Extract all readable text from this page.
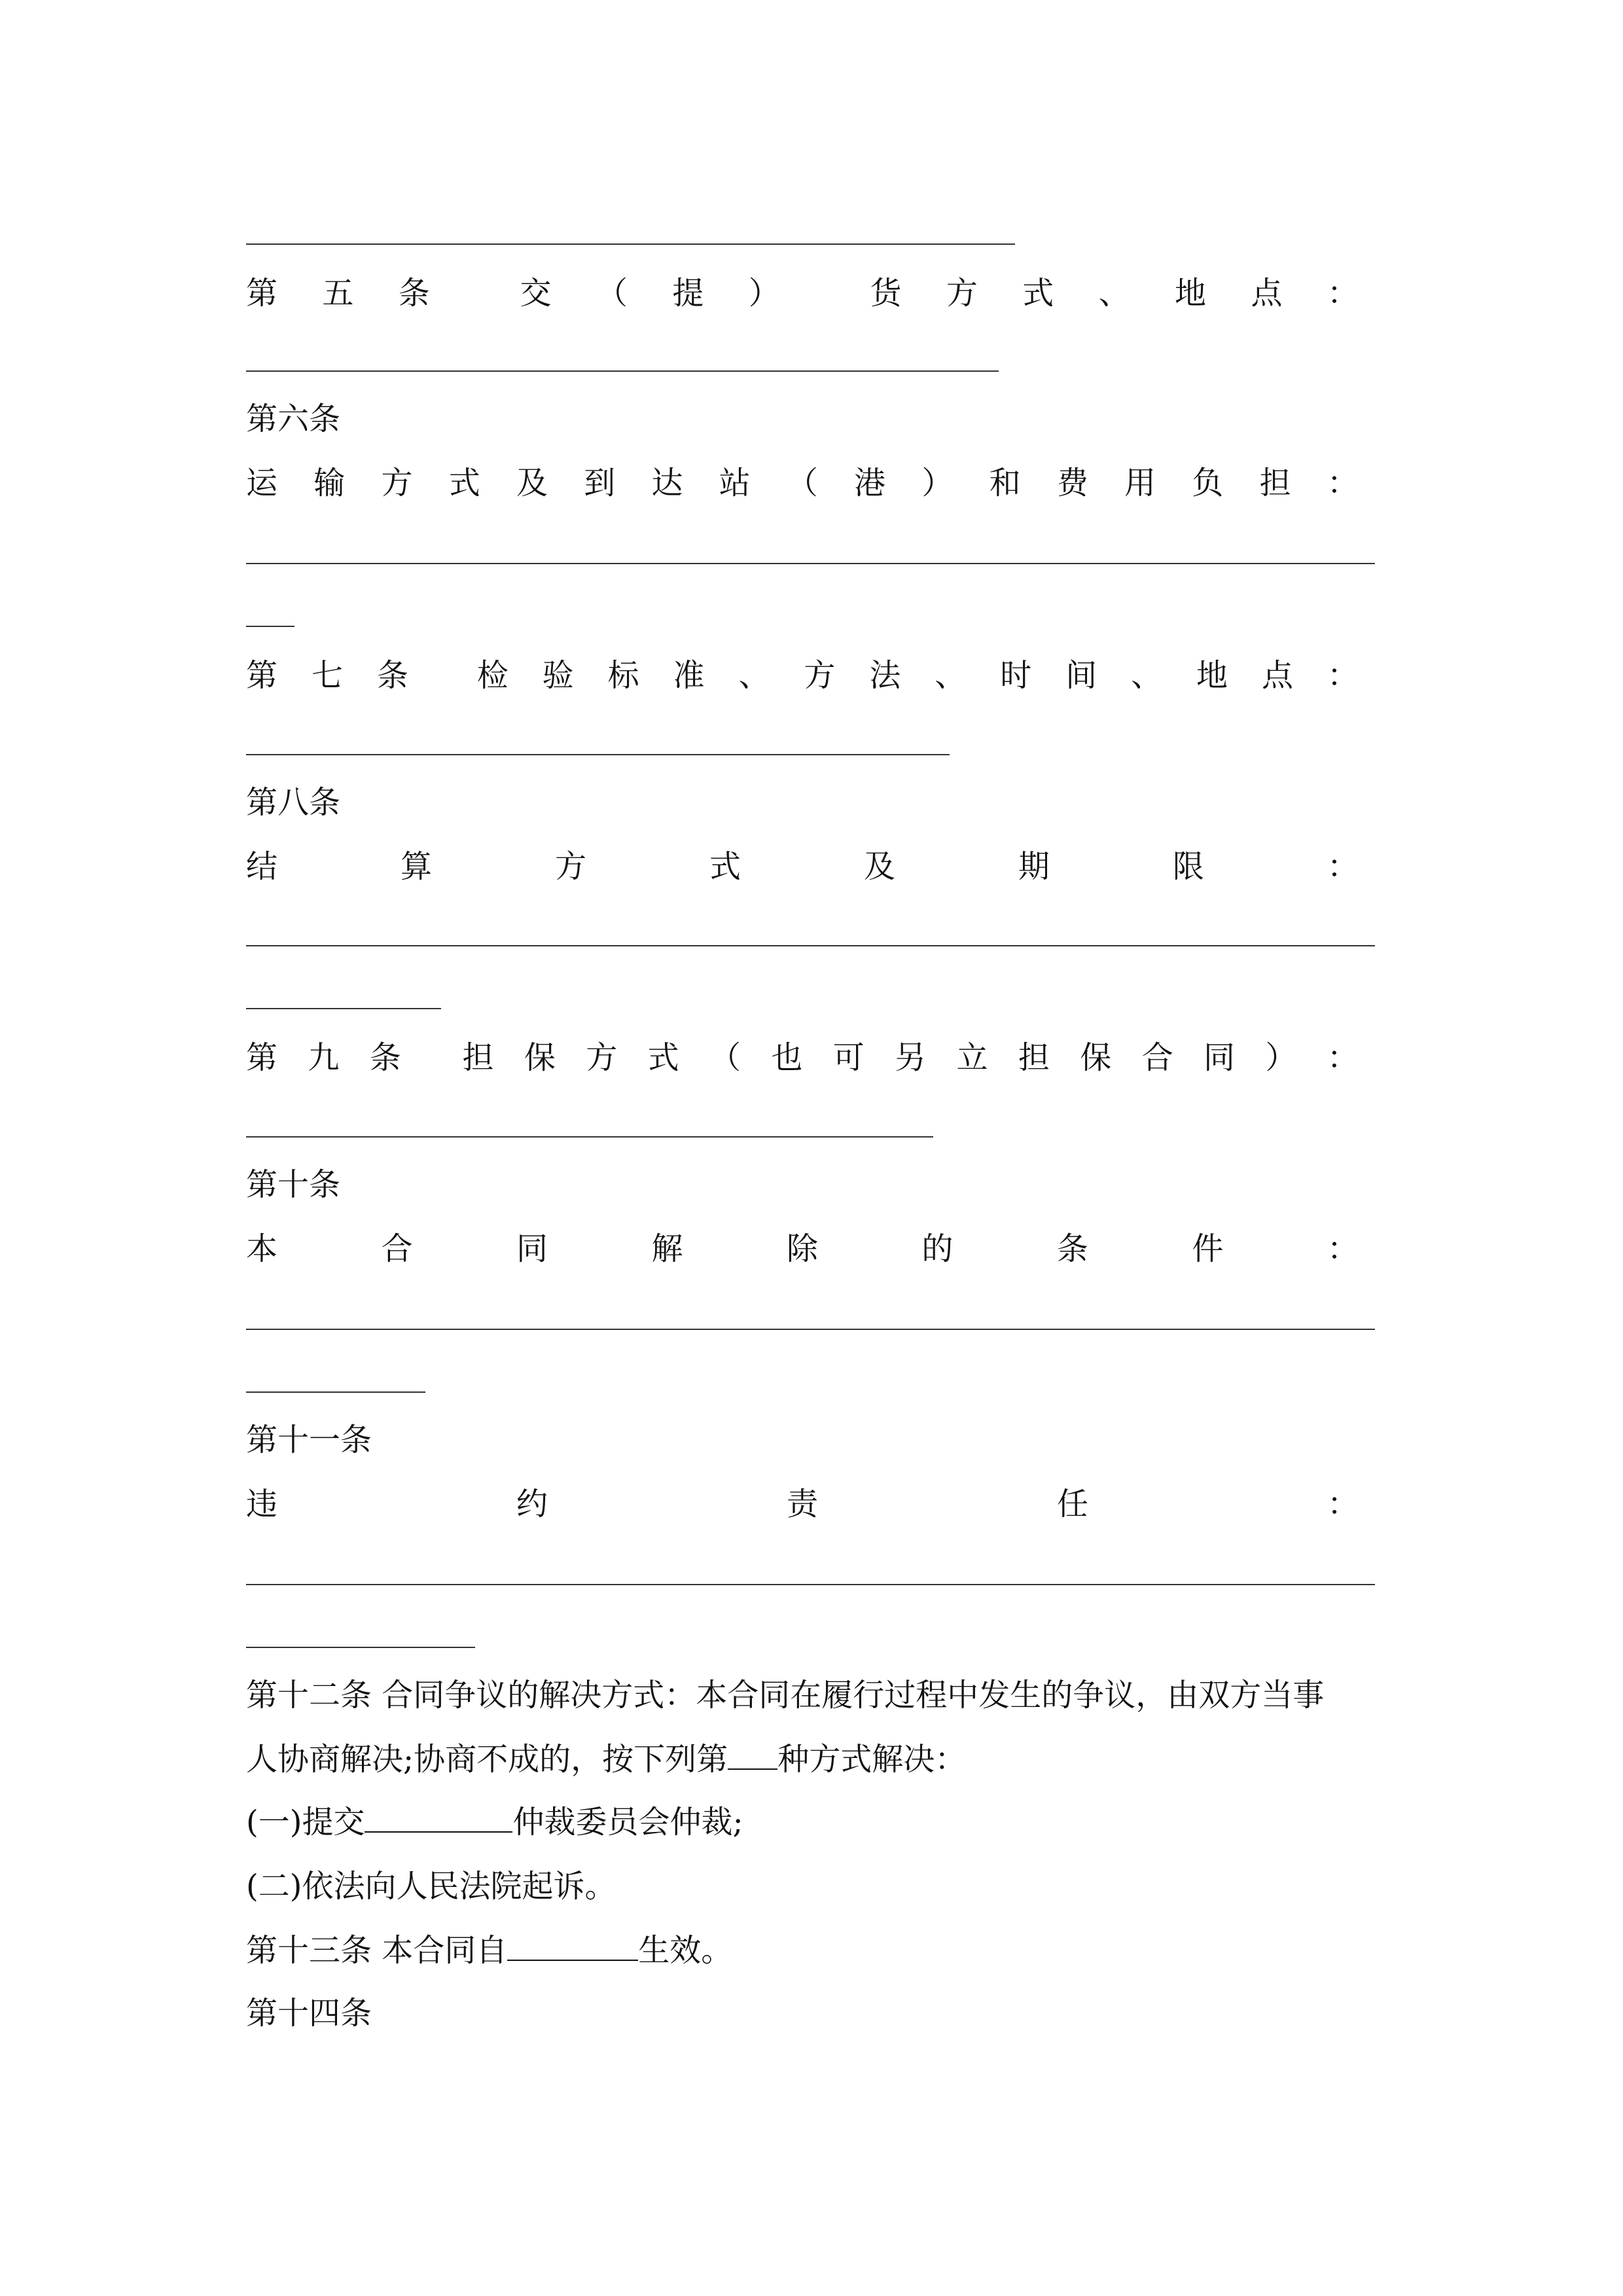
第 五 条	交 （ 提 ）	货 方 式 、 地 点 ：
第六条
运 输 方 式 及 到 达 站 （ 港 ） 和 费 用 负 担 ：
第 七 条 检 验 标 准 、 方 法 、 时 间 、 地 点 ：
第八条
结	算	方	式	及	期	限	：
第 九 条 担 保 方 式 （ 也 可 另 立 担 保 合 同 ） ：
第十条
本	合	同	解	除	的	条	件	：
第十一条
违	约	责	任	：
第十二条 合同争议的解决方式：本合同在履行过程中发生的争议，由双方当事
人协商解决;协商不成的，按下列第 种方式解决：
(一)提交	仲裁委员会仲裁;
(二)依法向人民法院起诉。
第十三条 本合同自	生效。
第十四条
